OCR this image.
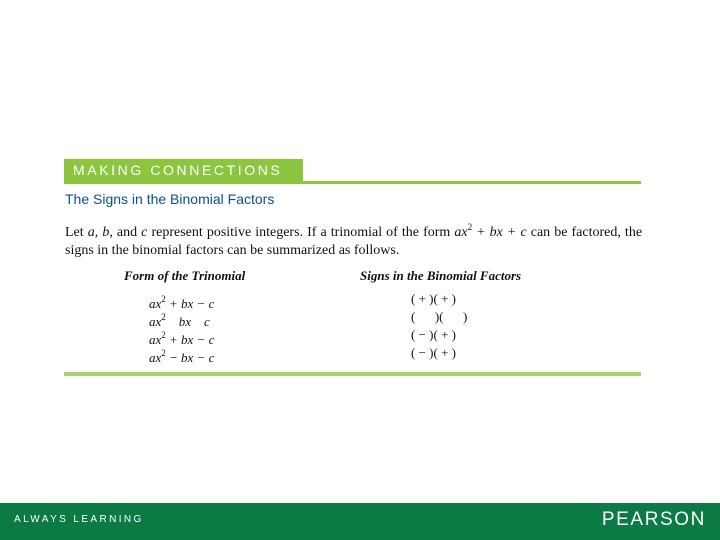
MAKING CONNECTIONS
The Signs in the Binomial Factors
Let a, b, and c represent positive integers. If a trinomial of the form $ax^2$ + bx + c can be factored, the signs in the binomial factors can be summarized as follows.
Form of the Trinomial	Signs in the Binomial Factors
$ax^2$ + bx − c
$ax^2$    bx    c
$ax^2$ + bx − c
$ax^2$ − bx − c
( + )( + )
(      )(      )
( − )( + )
( − )( + )
ALWAYS LEARNING	PEARSON
